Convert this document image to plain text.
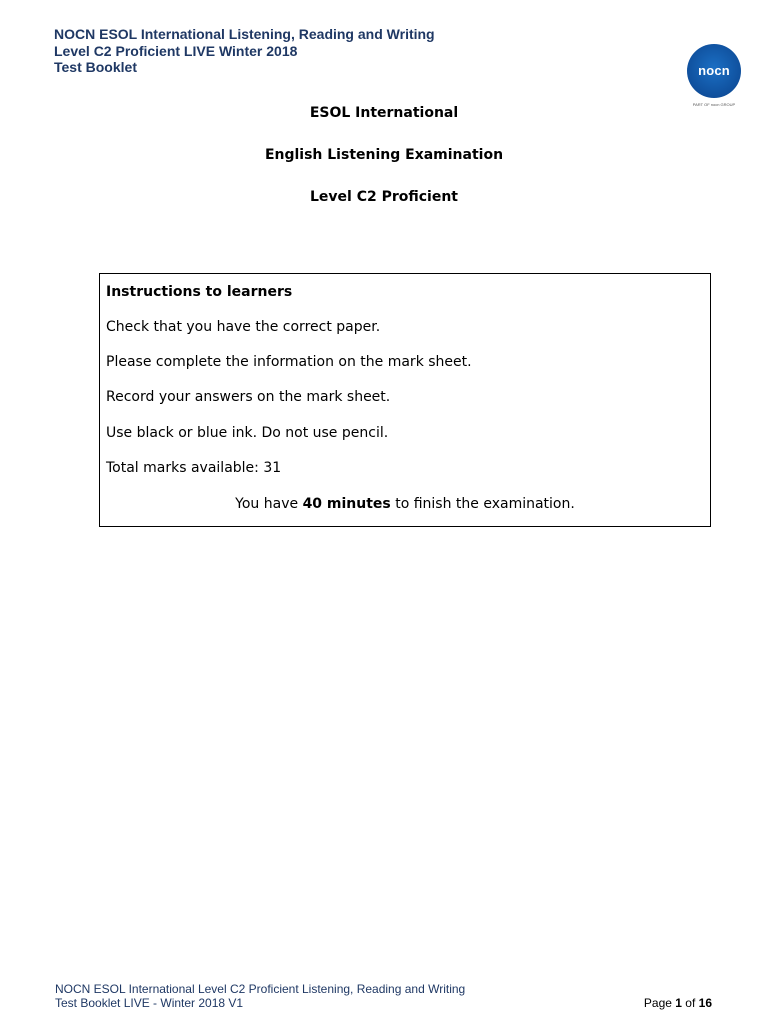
NOCN ESOL International Listening, Reading and Writing
Level C2 Proficient LIVE Winter 2018
Test Booklet	nocn
PART OF nocn GROUP
ESOL International
English Listening Examination
Level C2 Proficient
Instructions to learners
Check that you have the correct paper.
Please complete the information on the mark sheet.
Record your answers on the mark sheet.
Use black or blue ink. Do not use pencil.
Total marks available: 31
You have 40 minutes to finish the examination.
NOCN ESOL International Level C2 Proficient Listening, Reading and Writing
Test Booklet LIVE - Winter 2018 V1	Page 1 of 16
